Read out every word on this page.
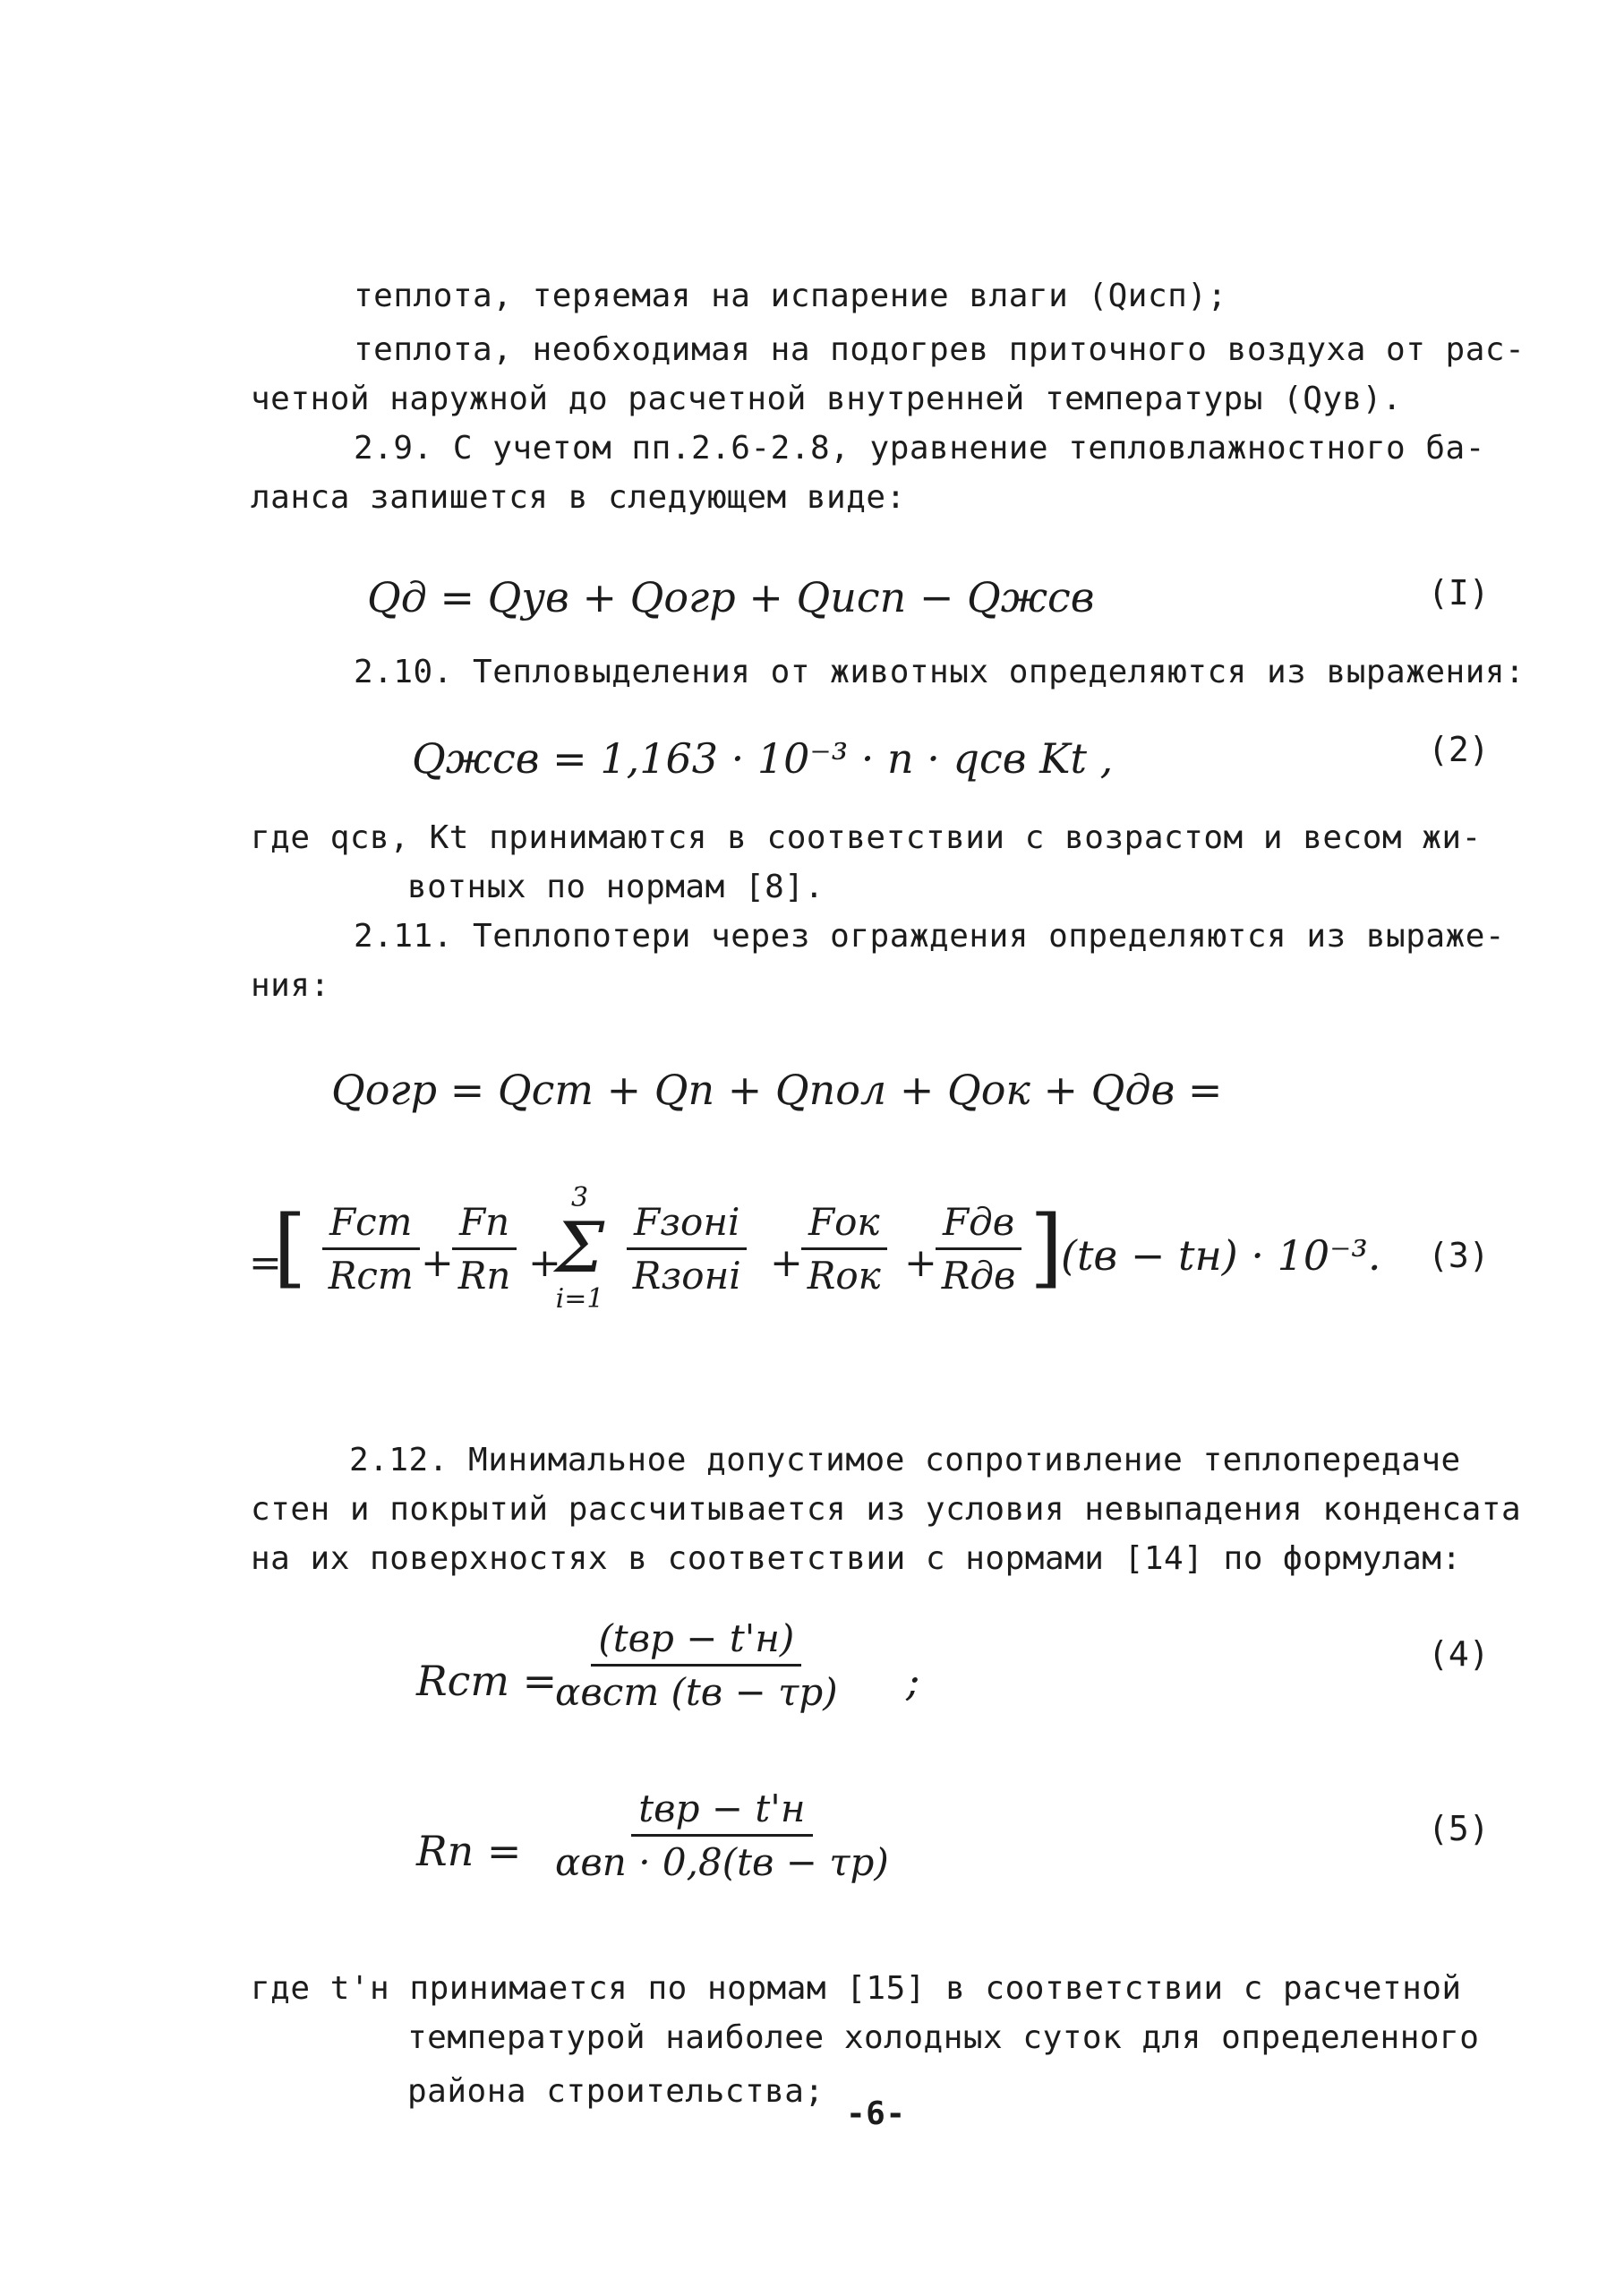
теплота, теряемая на испарение влаги (Qисп);
теплота, необходимая на подогрев приточного воздуха от рас-
четной наружной до расчетной внутренней температуры (Qув).
2.9. С учетом пп.2.6-2.8, уравнение тепловлажностного ба-
ланса запишется в следующем виде:
Qд = Qув + Qогр + Qисп − Qжсв	(I)
2.10. Тепловыделения от животных определяются из выражения:
Qжсв = 1,163 · 10⁻³ · n · qсв Kt ,	(2)
где qсв, Kt принимаются в соответствии с возрастом и весом жи-
вотных по нормам [8].
2.11. Теплопотери через ограждения определяются из выраже-
ния:
Qогр = Qст + Qп + Qпол + Qок + Qдв =
=
[ Fст
Rст +
Fп
Rп +
3
Σ
i=1
Fзонi
Rзонi +
Fок
Rок +
Fдв
Rдв ]
(tв − tн) · 10⁻³. (3)
2.12. Минимальное допустимое сопротивление теплопередаче
стен и покрытий рассчитывается из условия невыпадения конденсата
на их поверхностях в соответствии с нормами [14] по формулам:
Rст =
(tвр − t'н)
αвст (tв − τр) ;
(4)
Rп =
tвр − t'н
αвп · 0,8(tв − τр)
(5)
где t'н принимается по нормам [15] в соответствии с расчетной
температурой наиболее холодных суток для определенного
района строительства;
-6-
